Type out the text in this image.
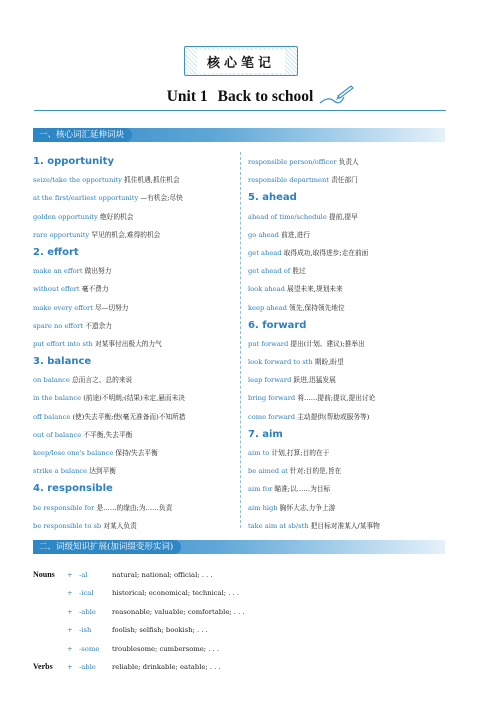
核心笔记
Unit 1 Back to school
一、核心词汇延伸词块
1. opportunity
seize/take the opportunity 抓住机遇,抓住机会
at the first/earliest opportunity —有机会;尽快
golden opportunity 绝好的机会
rare opportunity 罕见的机会,难得的机会
2. effort
make an effort 做出努力
without effort 毫不费力
make every effort 尽—切努力
spare no effort 不遗余力
put effort into sth 对某事付出极大的力气
3. balance
on balance 总而言之、总的来说
in the balance (前途)不明朗;(结果)未定,悬而未决
off balance (使)失去平衡;使(毫无准备而)不知所措
out of balance 不平衡,失去平衡
keep/lose one's balance 保持/失去平衡
strike a balance 达到平衡
4. responsible
be responsible for 是……的缘由;为……负责
be responsible to sb 对某人负责
responsible person/officer 负责人
responsible department 责任部门
5. ahead
ahead of time/schedule 提前,提早
go ahead 前进,进行
get ahead 取得成功,取得进步;走在前面
get ahead of 胜过
look ahead 展望未来,规划未来
keep ahead 领先,保持领先地位
6. forward
put forward 提出(计划、建议);推举出
look forward to sth 期盼,盼望
leap forward 跃进,迅猛发展
bring forward 将……提前;提议,提出讨论
come forward 主动提供(帮助或服务等)
7. aim
aim to 计划,打算;目的在于
be aimed at 针对;目的是,旨在
aim for 瞄准;以……为目标
aim high 胸怀大志,力争上游
take aim at sb/sth 把目标对准某人/某事物
二、词级知识扩展(加词缀变形实词)
Nouns + -al	natural; national; official; . . .
+ -ical	historical; economical; technical; . . .
+ -able reasonable; valuable; comfortable; . . .
+ -ish	foolish; selfish; bookish; . . .
+ -some troublesome; cumbersome; . . .
Verbs + -able reliable; drinkable; eatable; . . .
